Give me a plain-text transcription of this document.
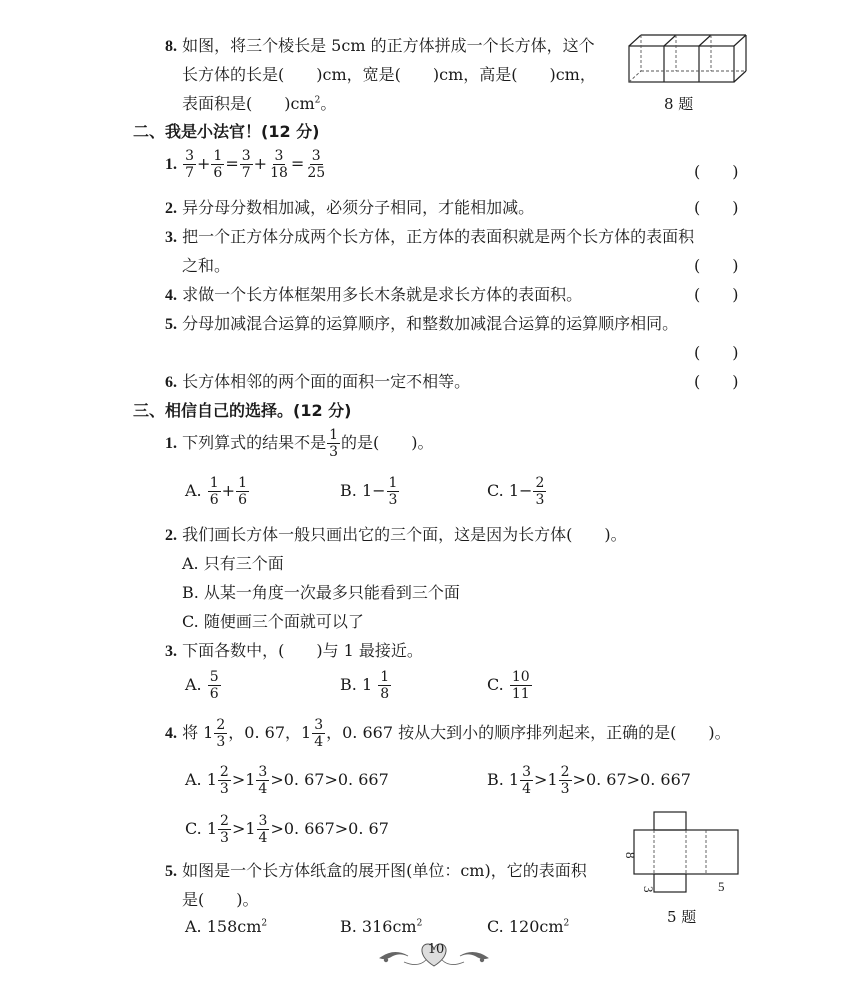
8. 如图，将三个棱长是 5cm 的正方体拼成一个长方体，这个
长方体的长是(　　)cm，宽是(　　)cm，高是(　　)cm，
表面积是(　　)$cm^2$。	8 题
二、我是小法官！(12 分)
1. $\frac{3}{7} + \frac{1}{6} = \frac{3}{7} + \frac{3}{18} = \frac{3}{25}$	(　　)
2. 异分母分数相加减，必须分子相同，才能相加减。	(　　)
3. 把一个正方体分成两个长方体，正方体的表面积就是两个长方体的表面积
之和。	(　　)
4. 求做一个长方体框架用多长木条就是求长方体的表面积。	(　　)
5. 分母加减混合运算的运算顺序，和整数加减混合运算的运算顺序相同。
(　　)
6. 长方体相邻的两个面的面积一定不相等。	(　　)
三、相信自己的选择。(12 分)
1. 下列算式的结果不是 $\frac{1}{3}$ 的是(　　)。
A. $\frac{1}{6} + \frac{1}{6}$	B. $1- \frac{1}{3}$	C. $1- \frac{2}{3}$
2. 我们画长方体一般只画出它的三个面，这是因为长方体(　　)。
A. 只有三个面
B. 从某一角度一次最多只能看到三个面
C. 随便画三个面就可以了
3. 下面各数中，(　　)与 1 最接近。
A. $\frac{5}{6}$	B. $1 \frac{1}{8}$	C. $\frac{10}{11}$
4. 将 $1 \frac{2}{3}$ ，0. 67，$1 \frac{3}{4}$ ，0. 667 按从大到小的顺序排列起来，正确的是(　　)。
A. $1 \frac{2}{3} >1 \frac{3}{4} >0$. 67>0. 667	B. $1 \frac{3}{4} >1 \frac{2}{3} >0$. 67>0. 667
C. $1 \frac{2}{3} >1 \frac{3}{4} >0$. 667>0. 67
5. 如图是一个长方体纸盒的展开图(单位：cm)，它的表面积
是(　　)。
A. $158cm^2$	B. $316cm^2$	C. $120cm^2$
8
3	5
5 题
10
